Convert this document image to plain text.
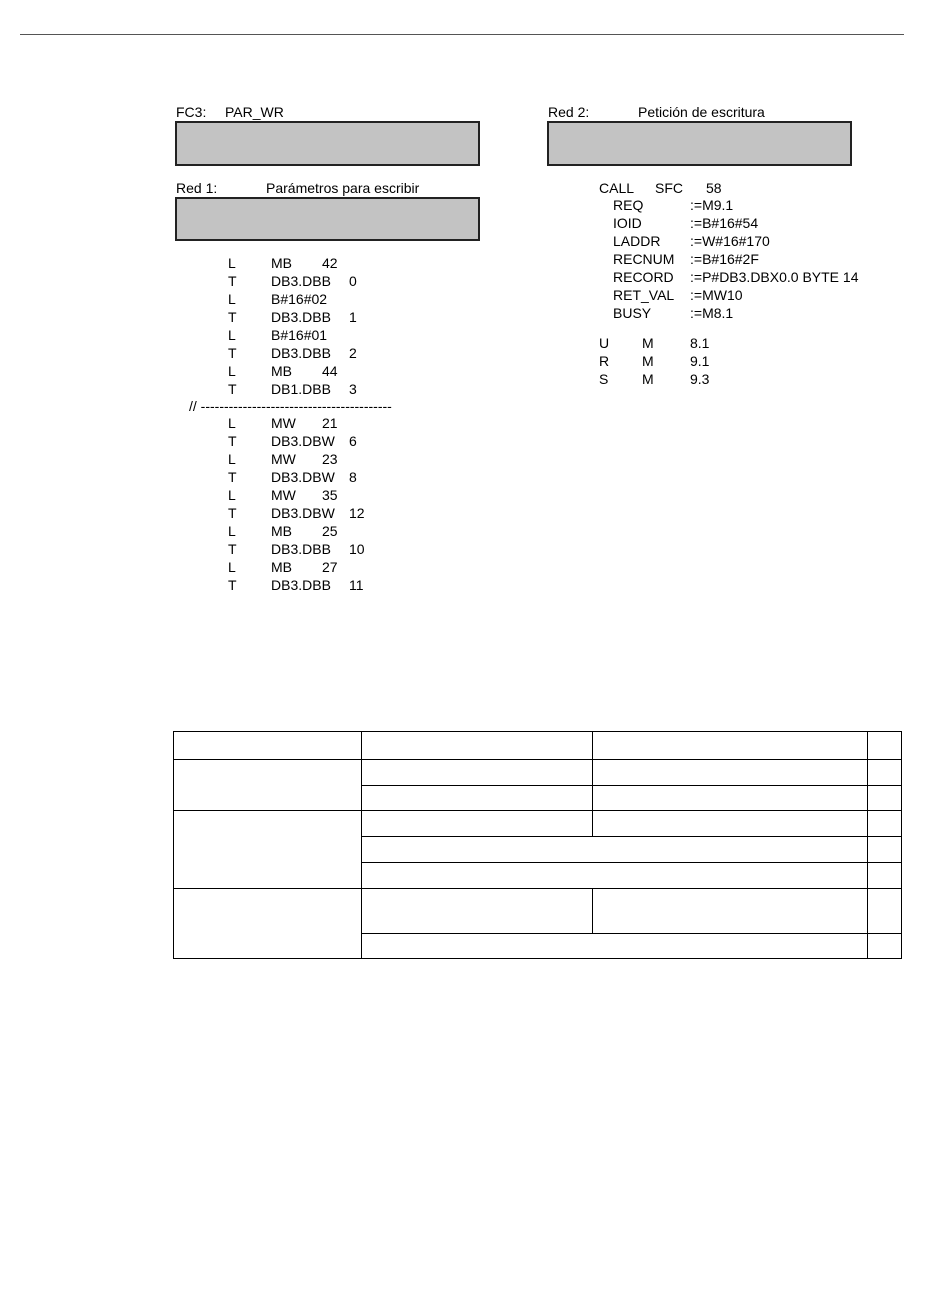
FC3: PAR_WR
Red 1:	Parámetros para escribir
Red 2:	Petición de escritura
L	MB 42
T DB3.DBB 0
L	B#16#02
T DB3.DBB 1
L	B#16#01
T DB3.DBB 2
L	MB 44
T DB1.DBB 3
// -----------------------------------------
L	MW 21
T DB3.DBW 6
L	MW 23
T DB3.DBW 8
L	MW 35
T DB3.DBW 12
L	MB 25
T DB3.DBB 10
L	MB 27
T DB3.DBB 11
CALL SFC 58
REQ	:=M9.1
IOID	:=B#16#54
LADDR :=W#16#170
RECNUM :=B#16#2F
RECORD :=P#DB3.DBX0.0 BYTE 14
RET_VAL :=MW10
BUSY	:=M8.1
U M	8.1
R M	9.1
S M	9.3
